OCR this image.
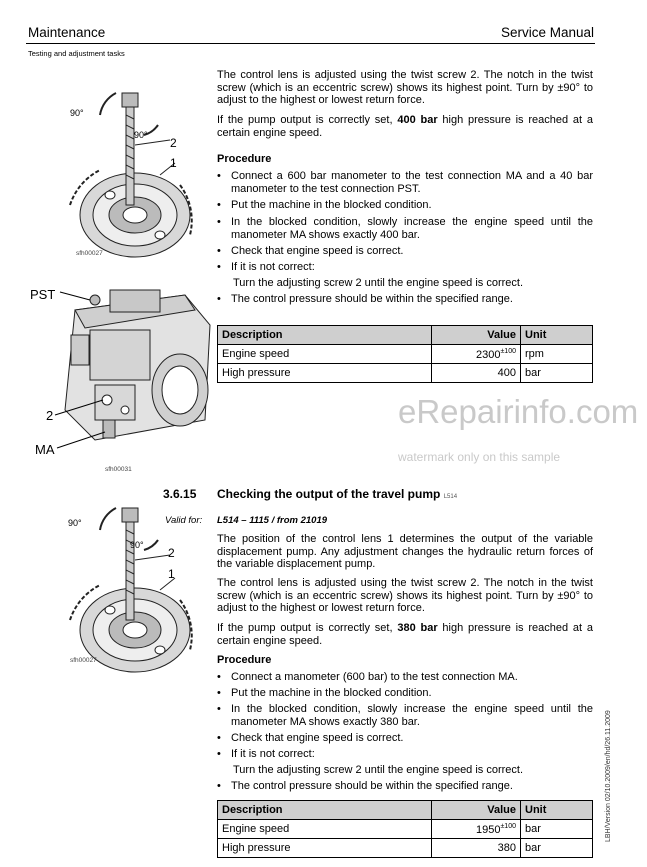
Maintenance	Service Manual
Testing and adjustment tasks
90°
90°
2
1
sfh00027
PST
2
MA
sfh00031
The control lens is adjusted using the twist screw 2. The notch in the twist screw (which is an eccentric screw) shows its highest point. Turn by ±90° to adjust to the highest or lowest return force.
If the pump output is correctly set, 400 bar high pressure is reached at a certain engine speed.
Procedure
• Connect a 600 bar manometer to the test connection MA and a 40 bar manometer to the test connection PST.
• Put the machine in the blocked condition.
• In the blocked condition, slowly increase the engine speed until the manometer MA shows exactly 400 bar.
• Check that engine speed is correct.
• If it is not correct:
Turn the adjusting screw 2 until the engine speed is correct.
• The control pressure should be within the specified range.
Description	Value	Unit
Engine speed	$2300^{\pm 100}$	rpm
High pressure	400	bar
eRepairinfo.com
watermark only on this sample
3.6.15 Checking the output of the travel pump L514
Valid for: L514 – 1115 / from 21019
90°
90°
2
1
sfh00027
The position of the control lens 1 determines the output of the variable displacement pump. Any adjustment changes the hydraulic return forces of the variable displacement pump.
The control lens is adjusted using the twist screw 2. The notch in the twist screw (which is an eccentric screw) shows its highest point. Turn by ±90° to adjust to the highest or lowest return force.
If the pump output is correctly set, 380 bar high pressure is reached at a certain engine speed.
Procedure
• Connect a manometer (600 bar) to the test connection MA.
• Put the machine in the blocked condition.
• In the blocked condition, slowly increase the engine speed until the manometer MA shows exactly 380 bar.
• Check that engine speed is correct.
• If it is not correct:
Turn the adjusting screw 2 until the engine speed is correct.
• The control pressure should be within the specified range.
Description	Value	Unit
Engine speed	$1950^{\pm 100}$	bar
High pressure	380	bar
LBH/Version 02/10.2009/en/hd/26.11.2009
